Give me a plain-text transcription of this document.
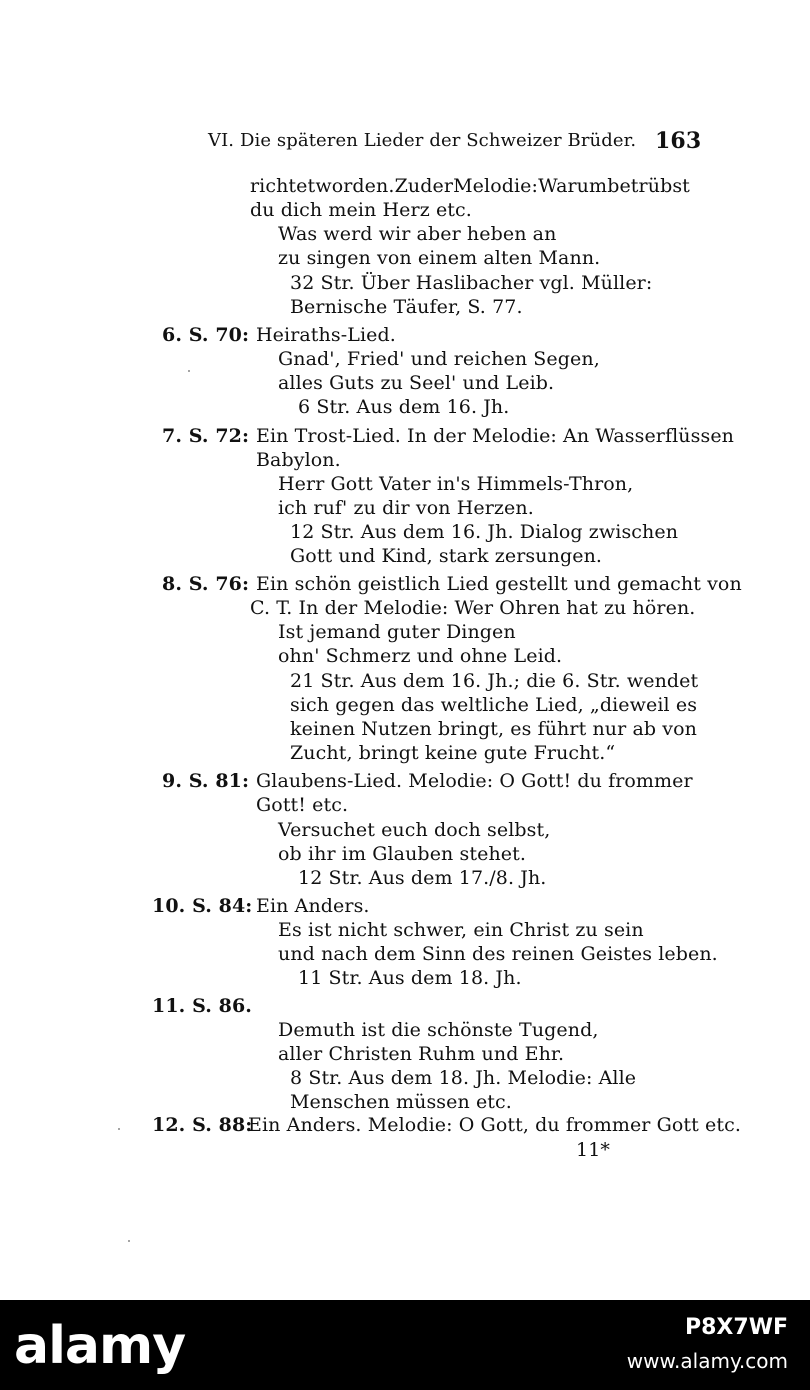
VI. Die späteren Lieder der Schweizer Brüder. 163
richtet worden. Zu der Melodie: Warum betrübst
du dich mein Herz etc.
Was werd wir aber heben an
zu singen von einem alten Mann.
32 Str. Über Haslibacher vgl. Müller:
Bernische Täufer, S. 77.
6. S. 70: Heiraths-Lied.
Gnad', Fried' und reichen Segen,
alles Guts zu Seel' und Leib.
6 Str. Aus dem 16. Jh.
7. S. 72: Ein Trost-Lied. In der Melodie: An Wasserflüssen
Babylon.
Herr Gott Vater in's Himmels-Thron,
ich ruf' zu dir von Herzen.
12 Str. Aus dem 16. Jh. Dialog zwischen
Gott und Kind, stark zersungen.
8. S. 76: Ein schön geistlich Lied gestellt und gemacht von
C. T. In der Melodie: Wer Ohren hat zu hören.
Ist jemand guter Dingen
ohn' Schmerz und ohne Leid.
21 Str. Aus dem 16. Jh.; die 6. Str. wendet
sich gegen das weltliche Lied, „dieweil es
keinen Nutzen bringt, es führt nur ab von
Zucht, bringt keine gute Frucht.“
9. S. 81: Glaubens-Lied. Melodie: O Gott! du frommer
Gott! etc.
Versuchet euch doch selbst,
ob ihr im Glauben stehet.
12 Str. Aus dem 17./8. Jh.
10. S. 84: Ein Anders.
Es ist nicht schwer, ein Christ zu sein
und nach dem Sinn des reinen Geistes leben.
11 Str. Aus dem 18. Jh.
11. S. 86.
Demuth ist die schönste Tugend,
aller Christen Ruhm und Ehr.
8 Str. Aus dem 18. Jh. Melodie: Alle
Menschen müssen etc.
12. S. 88:
Ein Anders. Melodie: O Gott, du frommer Gott etc.
11*
alamy	P8X7WF
www.alamy.com
